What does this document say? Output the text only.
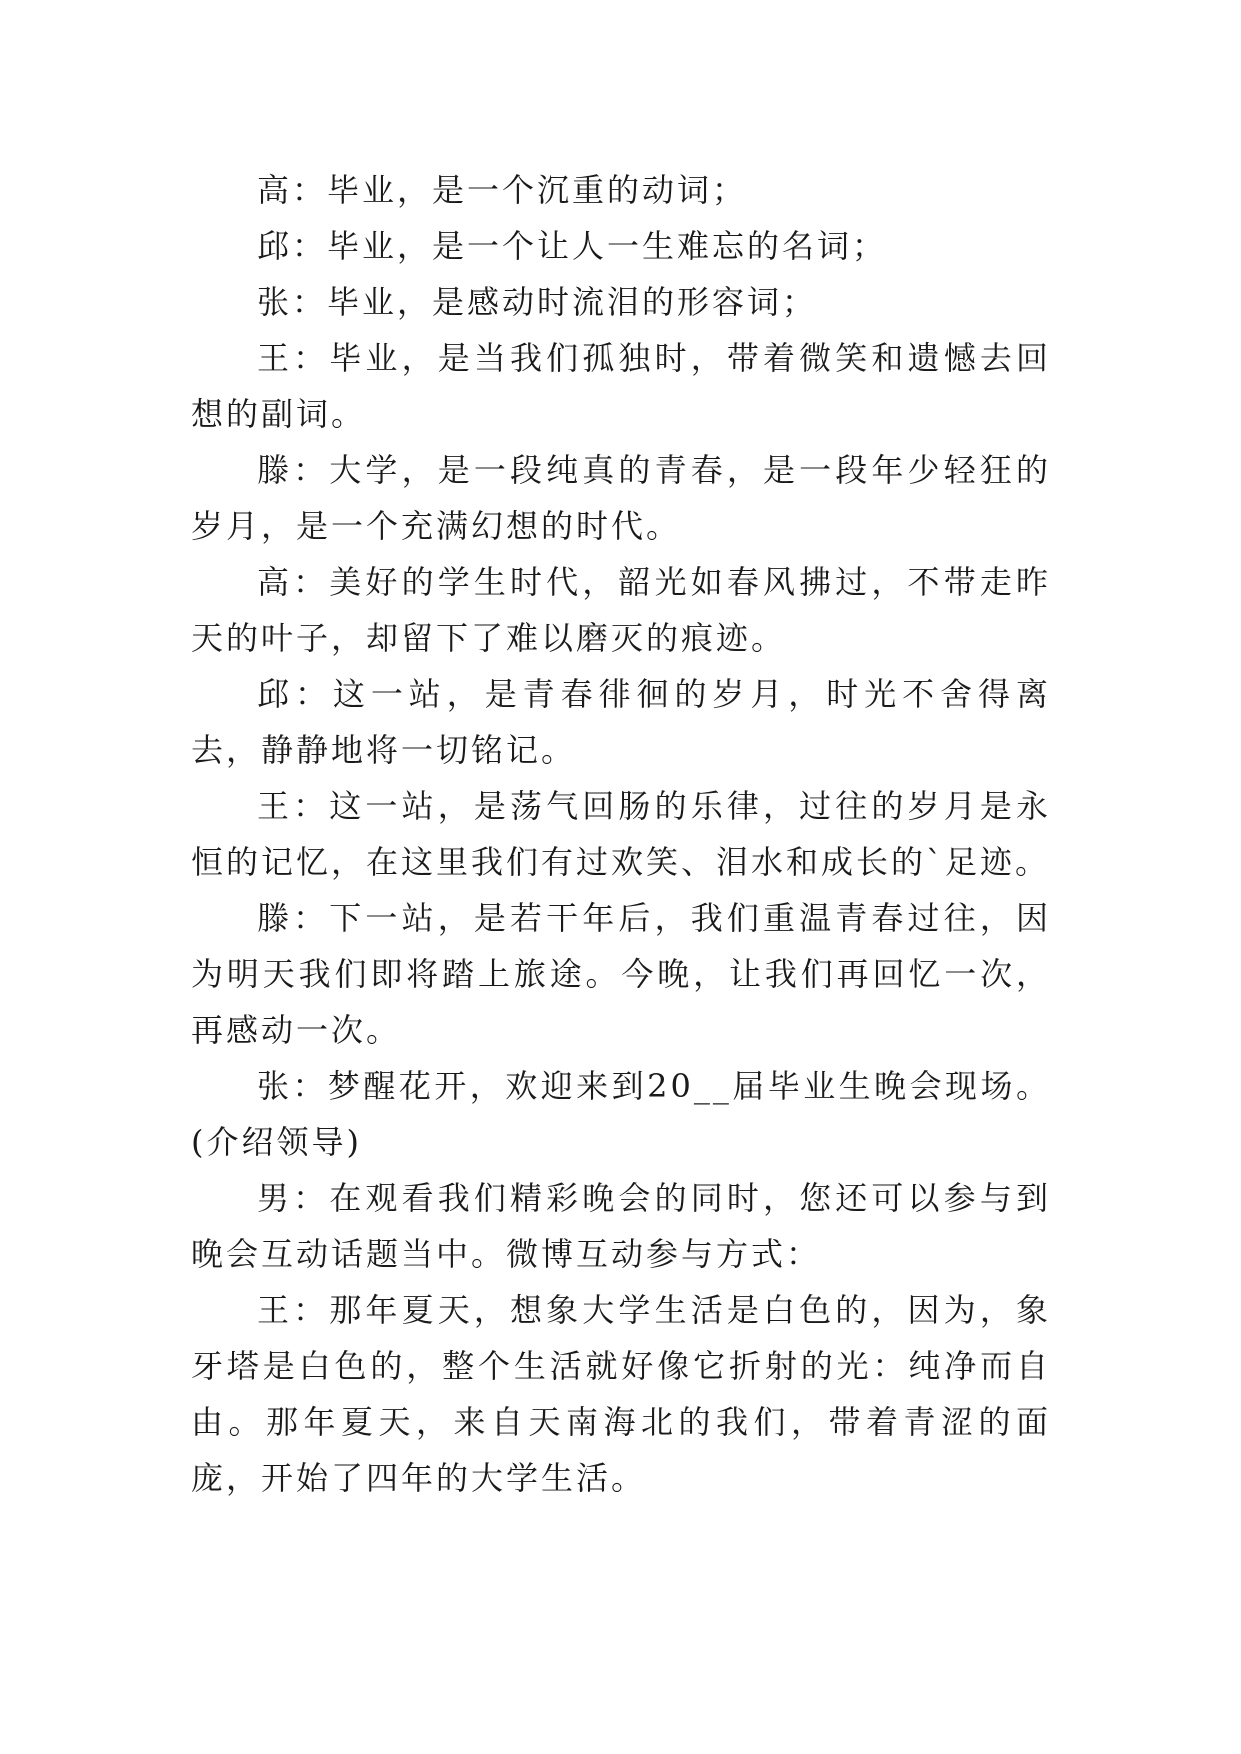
高：毕业，是一个沉重的动词；

邱：毕业，是一个让人一生难忘的名词；

张：毕业，是感动时流泪的形容词；

王：毕业，是当我们孤独时，带着微笑和遗憾去回想的副词。

滕：大学，是一段纯真的青春，是一段年少轻狂的岁月，是一个充满幻想的时代。

高：美好的学生时代，韶光如春风拂过，不带走昨天的叶子，却留下了难以磨灭的痕迹。

邱：这一站，是青春徘徊的岁月，时光不舍得离去，静静地将一切铭记。

王：这一站，是荡气回肠的乐律，过往的岁月是永恒的记忆，在这里我们有过欢笑、泪水和成长的`足迹。

滕：下一站，是若干年后，我们重温青春过往，因为明天我们即将踏上旅途。今晚，让我们再回忆一次，再感动一次。

张：梦醒花开，欢迎来到20__届毕业生晚会现场。(介绍领导)

男：在观看我们精彩晚会的同时，您还可以参与到晚会互动话题当中。微博互动参与方式：

王：那年夏天，想象大学生活是白色的，因为，象牙塔是白色的，整个生活就好像它折射的光：纯净而自由。那年夏天，来自天南海北的我们，带着青涩的面庞，开始了四年的大学生活。
